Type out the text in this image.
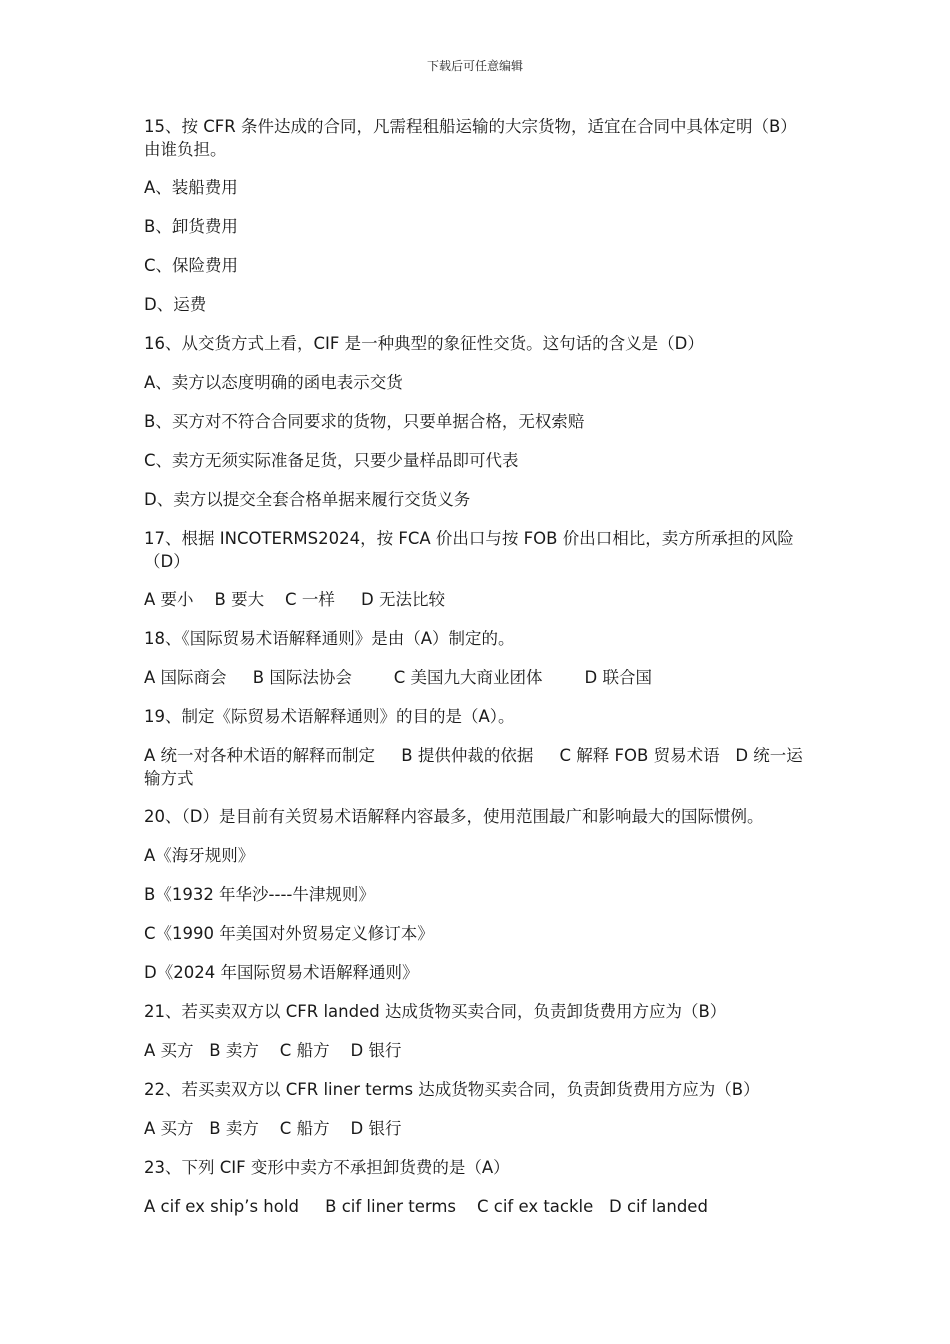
下载后可任意编辑
15、按 CFR 条件达成的合同，凡需程租船运输的大宗货物，适宜在合同中具体定明（B）由谁负担。
A、装船费用
B、卸货费用
C、保险费用
D、运费
16、从交货方式上看，CIF 是一种典型的象征性交货。这句话的含义是（D）
A、卖方以态度明确的函电表示交货
B、买方对不符合合同要求的货物，只要单据合格，无权索赔
C、卖方无须实际准备足货，只要少量样品即可代表
D、卖方以提交全套合格单据来履行交货义务
17、根据 INCOTERMS2024，按 FCA 价出口与按 FOB 价出口相比，卖方所承担的风险（D）
A 要小    B 要大    C 一样     D 无法比较
18、《国际贸易术语解释通则》是由（A）制定的。
A 国际商会     B 国际法协会        C 美国九大商业团体        D 联合国
19、制定《际贸易术语解释通则》的目的是（A）。
A 统一对各种术语的解释而制定     B 提供仲裁的依据     C 解释 FOB 贸易术语   D 统一运输方式
20、（D）是目前有关贸易术语解释内容最多，使用范围最广和影响最大的国际惯例。
A《海牙规则》
B《1932 年华沙----牛津规则》
C《1990 年美国对外贸易定义修订本》
D《2024 年国际贸易术语解释通则》
21、若买卖双方以 CFR landed 达成货物买卖合同，负责卸货费用方应为（B）
A 买方   B 卖方    C 船方    D 银行
22、若买卖双方以 CFR liner terms 达成货物买卖合同，负责卸货费用方应为（B）
A 买方   B 卖方    C 船方    D 银行
23、下列 CIF 变形中卖方不承担卸货费的是（A）
A cif ex ship’s hold     B cif liner terms    C cif ex tackle   D cif landed
